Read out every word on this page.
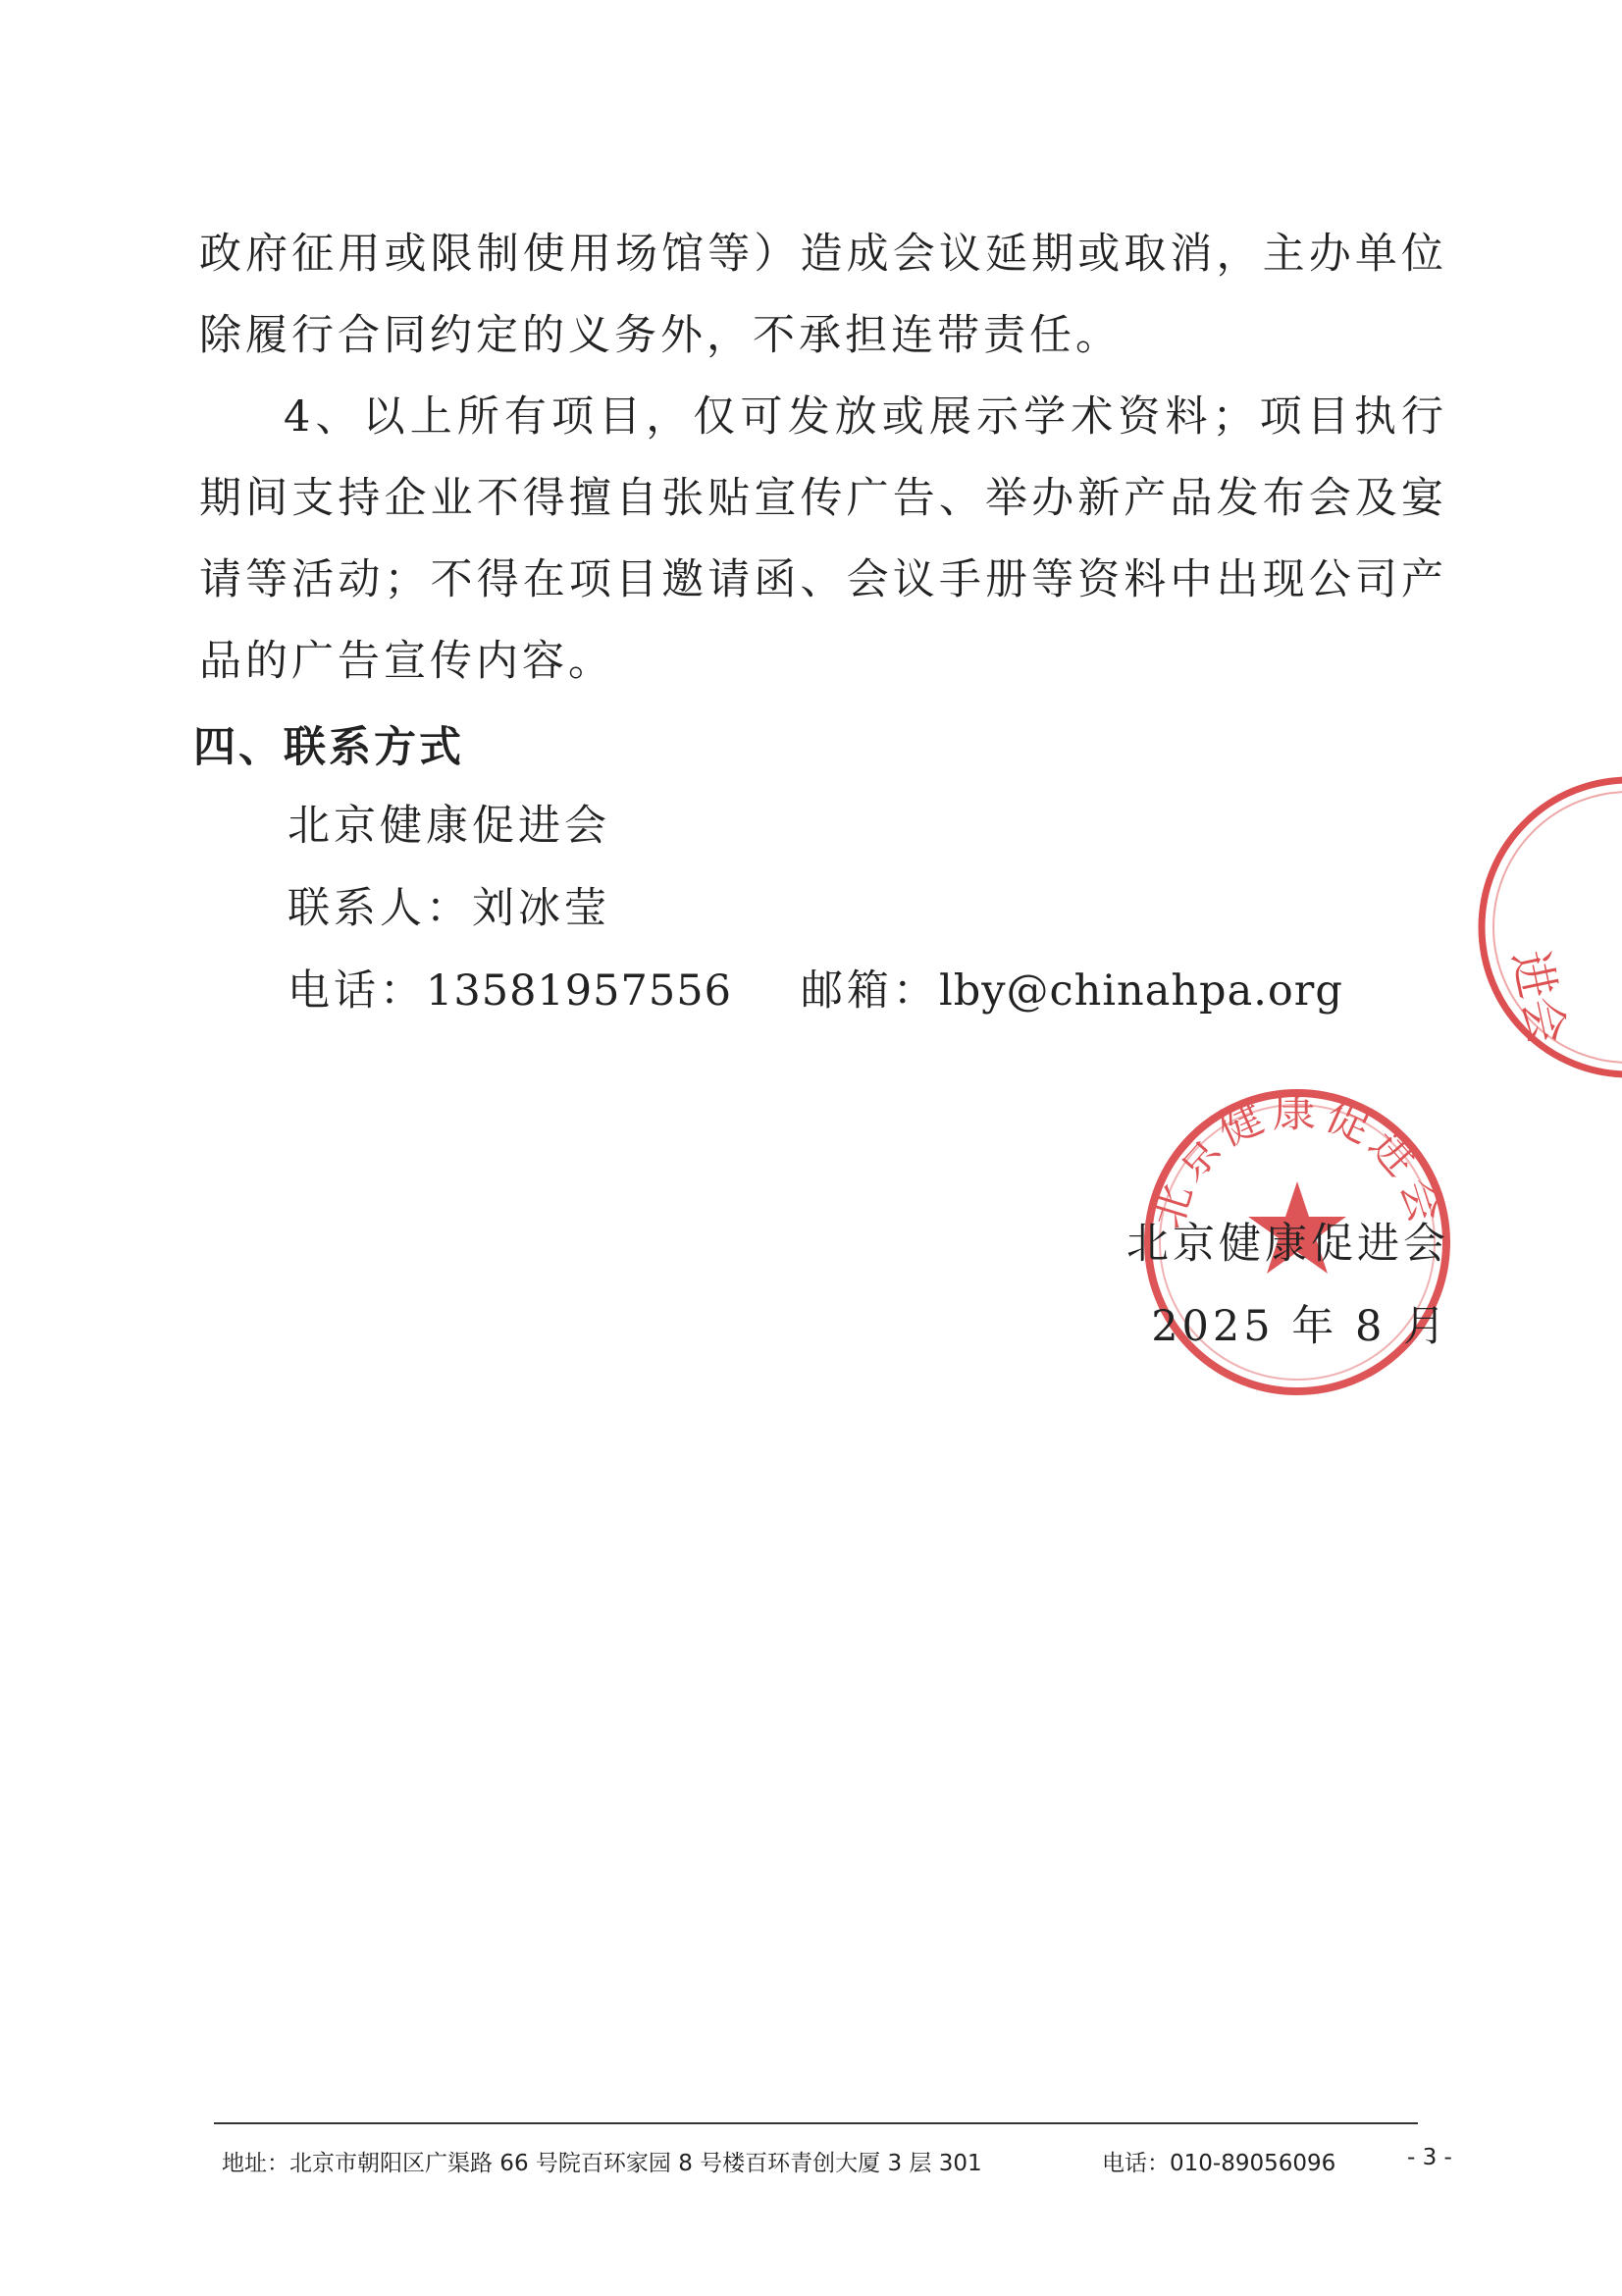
政府征用或限制使用场馆等）造成会议延期或取消，主办单位除履行合同约定的义务外，不承担连带责任。

4、以上所有项目，仅可发放或展示学术资料；项目执行期间支持企业不得擅自张贴宣传广告、举办新产品发布会及宴请等活动；不得在项目邀请函、会议手册等资料中出现公司产品的广告宣传内容。

四、联系方式
北京健康促进会
联系人：刘冰莹
电话：13581957556 邮箱：lby@chinahpa.org	进会
北京健康促进会
北京健康促进会
2025 年 8 月
地址：北京市朝阳区广渠路 66 号院百环家园 8 号楼百环青创大厦 3 层 301	电话：010-89056096	- 3 -
